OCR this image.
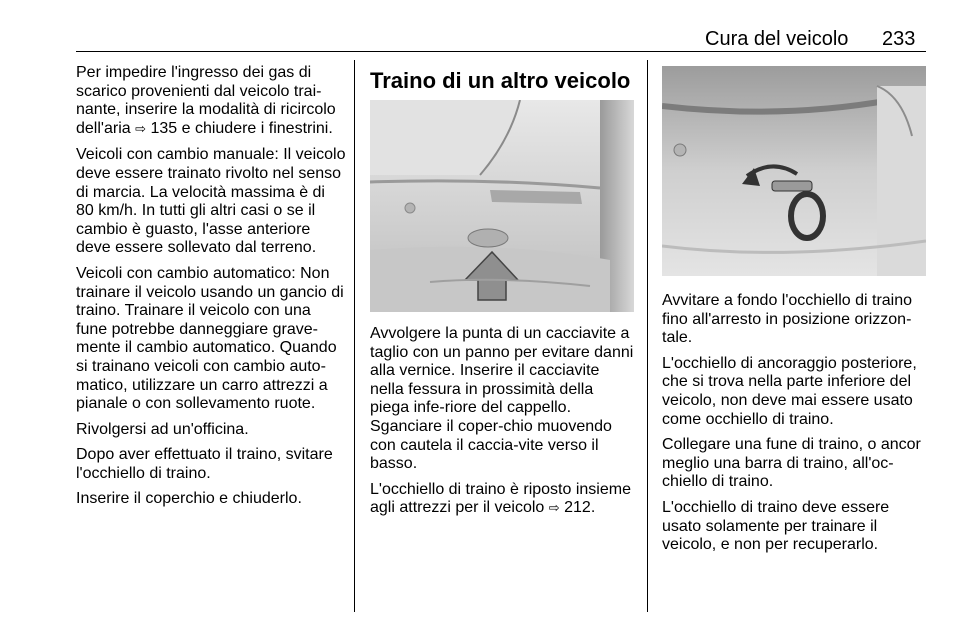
Cura del veicolo 233

Per impedire l'ingresso dei gas di scarico provenienti dal veicolo trai-nante, inserire la modalità di ricircolo dell'aria ⇨ 135 e chiudere i finestrini.

Veicoli con cambio manuale: Il veicolo deve essere trainato rivolto nel senso di marcia. La velocità massima è di 80 km/h. In tutti gli altri casi o se il cambio è guasto, l'asse anteriore deve essere sollevato dal terreno.

Veicoli con cambio automatico: Non trainare il veicolo usando un gancio di traino. Trainare il veicolo con una fune potrebbe danneggiare grave-mente il cambio automatico. Quando si trainano veicoli con cambio auto-matico, utilizzare un carro attrezzi a pianale o con sollevamento ruote.

Rivolgersi ad un'officina.

Dopo aver effettuato il traino, svitare l'occhiello di traino.

Inserire il coperchio e chiuderlo.

Traino di un altro veicolo

Avvolgere la punta di un cacciavite a taglio con un panno per evitare danni alla vernice. Inserire il cacciavite nella fessura in prossimità della piega infe-riore del cappello. Sganciare il coper-chio muovendo con cautela il caccia-vite verso il basso.

L'occhiello di traino è riposto insieme agli attrezzi per il veicolo ⇨ 212.

Avvitare a fondo l'occhiello di traino fino all'arresto in posizione orizzon-tale.

L'occhiello di ancoraggio posteriore, che si trova nella parte inferiore del veicolo, non deve mai essere usato come occhiello di traino.

Collegare una fune di traino, o ancor meglio una barra di traino, all'oc-chiello di traino.

L'occhiello di traino deve essere usato solamente per trainare il veicolo, e non per recuperarlo.
